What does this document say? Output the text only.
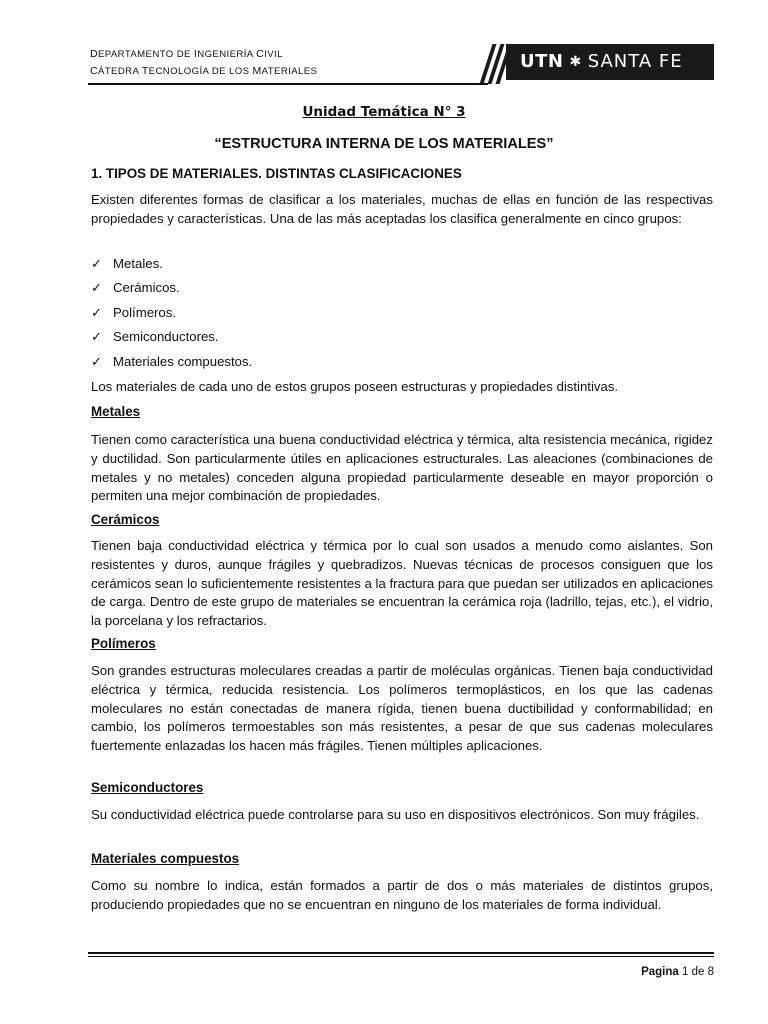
DEPARTAMENTO DE INGENIERÍA CIVIL
CÁTEDRA TECNOLOGÍA DE LOS MATERIALES	UTN ✱ SANTA FE
Unidad Temática N° 3
“ESTRUCTURA INTERNA DE LOS MATERIALES”
1. TIPOS DE MATERIALES. DISTINTAS CLASIFICACIONES

Existen diferentes formas de clasificar a los materiales, muchas de ellas en función de las respectivas propiedades y características. Una de las más aceptadas los clasifica generalmente en cinco grupos:

✓ Metales.
✓ Cerámicos.
✓ Polímeros.
✓ Semiconductores.
✓ Materiales compuestos.

Los materiales de cada uno de estos grupos poseen estructuras y propiedades distintivas.

Metales

Tienen como característica una buena conductividad eléctrica y térmica, alta resistencia mecánica, rigidez y ductilidad. Son particularmente útiles en aplicaciones estructurales. Las aleaciones (combinaciones de metales y no metales) conceden alguna propiedad particularmente deseable en mayor proporción o permiten una mejor combinación de propiedades.

Cerámicos

Tienen baja conductividad eléctrica y térmica por lo cual son usados a menudo como aislantes. Son resistentes y duros, aunque frágiles y quebradizos. Nuevas técnicas de procesos consiguen que los cerámicos sean lo suficientemente resistentes a la fractura para que puedan ser utilizados en aplicaciones de carga. Dentro de este grupo de materiales se encuentran la cerámica roja (ladrillo, tejas, etc.), el vidrio, la porcelana y los refractarios.

Polímeros

Son grandes estructuras moleculares creadas a partir de moléculas orgánicas. Tienen baja conductividad eléctrica y térmica, reducida resistencia. Los polímeros termoplásticos, en los que las cadenas moleculares no están conectadas de manera rígida, tienen buena ductibilidad y conformabilidad; en cambio, los polímeros termoestables son más resistentes, a pesar de que sus cadenas moleculares fuertemente enlazadas los hacen más frágiles. Tienen múltiples aplicaciones.

Semiconductores

Su conductividad eléctrica puede controlarse para su uso en dispositivos electrónicos. Son muy frágiles.

Materiales compuestos

Como su nombre lo indica, están formados a partir de dos o más materiales de distintos grupos, produciendo propiedades que no se encuentran en ninguno de los materiales de forma individual.

Pagina 1 de 8
